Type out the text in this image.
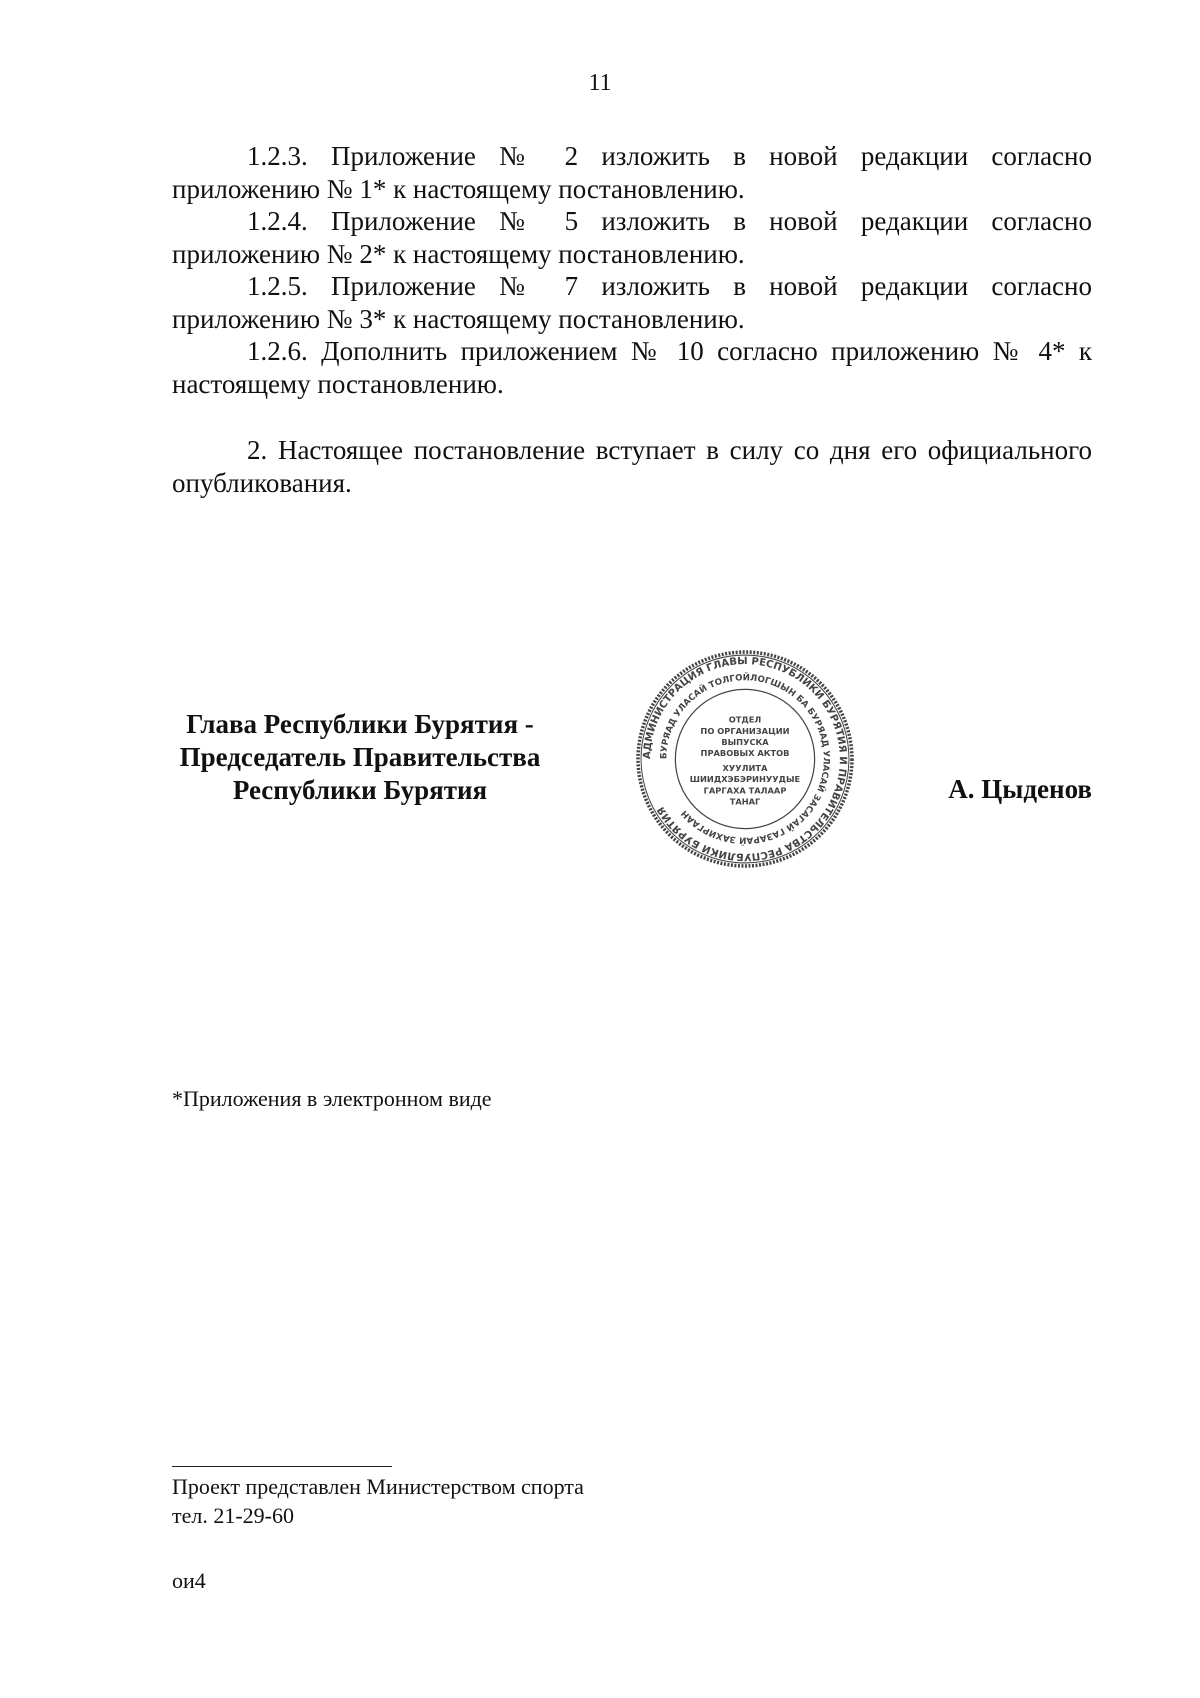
11

1.2.3. Приложение № 2 изложить в новой редакции согласно приложению № 1* к настоящему постановлению.

1.2.4. Приложение № 5 изложить в новой редакции согласно приложению № 2* к настоящему постановлению.

1.2.5. Приложение № 7 изложить в новой редакции согласно приложению № 3* к настоящему постановлению.

1.2.6. Дополнить приложением № 10 согласно приложению № 4* к настоящему постановлению.

2. Настоящее постановление вступает в силу со дня его официального опубликования.

Глава Республики Бурятия -
Председатель Правительства
Республики Бурятия
АДМИНИСТРАЦИЯ ГЛАВЫ РЕСПУБЛИКИ БУРЯТИЯ И ПРАВИТЕЛЬСТВА РЕСПУБЛИКИ БУРЯТИЯ
БУРЯАД УЛАСАЙ ТОЛГОЙЛОГШЫН БА БУРЯАД УЛАСАЙ ЗАСАГАЙ ГАЗАРАЙ ЗАХИРГААН
ОТДЕЛ
ПО ОРГАНИЗАЦИИ
ВЫПУСКА
ПРАВОВЫХ АКТОВ
ХУУЛИТА
ШИИДХЭБЭРИНУУДЫЕ
ГАРГАХА ТАЛААР
ТАНАГ	А. Цыденов
*Приложения в электронном виде
Проект представлен Министерством спорта
тел. 21-29-60
ои4
